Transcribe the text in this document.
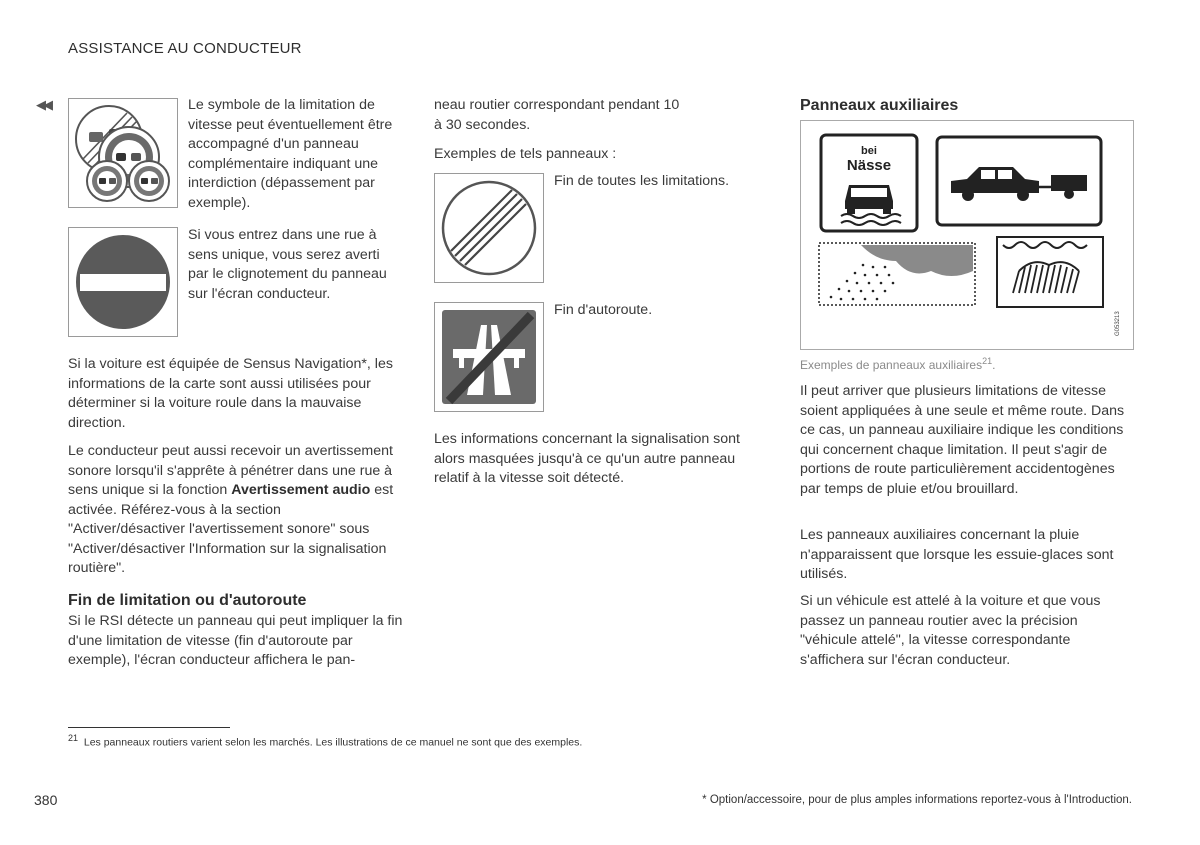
ASSISTANCE AU CONDUCTEUR
◀◀	Le symbole de la limitation de vitesse peut éventuellement être accompagné d'un panneau complémentaire indiquant une interdiction (dépassement par exemple).

Si vous entrez dans une rue à sens unique, vous serez averti par le clignotement du panneau sur l'écran conducteur.

Si la voiture est équipée de Sensus Navigation*, les informations de la carte sont aussi utilisées pour déterminer si la voiture roule dans la mauvaise direction.

Le conducteur peut aussi recevoir un avertissement sonore lorsqu'il s'apprête à pénétrer dans une rue à sens unique si la fonction Avertissement audio est activée. Référez-vous à la section "Activer/désactiver l'avertissement sonore" sous "Activer/désactiver l'Information sur la signalisation routière".

Fin de limitation ou d'autoroute

Si le RSI détecte un panneau qui peut impliquer la fin d'une limitation de vitesse (fin d'autoroute par exemple), l'écran conducteur affichera le pan-

neau routier correspondant pendant 10 à 30 secondes.

Exemples de tels panneaux :

Fin de toutes les limitations.

Fin d'autoroute.

Les informations concernant la signalisation sont alors masquées jusqu'à ce qu'un autre panneau relatif à la vitesse soit détecté.

Panneaux auxiliaires
bei
Nässe
G053213
Exemples de panneaux auxiliaires$^{21}$.

Il peut arriver que plusieurs limitations de vitesse soient appliquées à une seule et même route. Dans ce cas, un panneau auxiliaire indique les conditions qui concernent chaque limitation. Il peut s'agir de portions de route particulièrement accidentogènes par temps de pluie et/ou brouillard.

Les panneaux auxiliaires concernant la pluie n'apparaissent que lorsque les essuie-glaces sont utilisés.

Si un véhicule est attelé à la voiture et que vous passez un panneau routier avec la précision "véhicule attelé", la vitesse correspondante s'affichera sur l'écran conducteur.

$^{21}$ Les panneaux routiers varient selon les marchés. Les illustrations de ce manuel ne sont que des exemples.
380	* Option/accessoire, pour de plus amples informations reportez-vous à l'Introduction.
